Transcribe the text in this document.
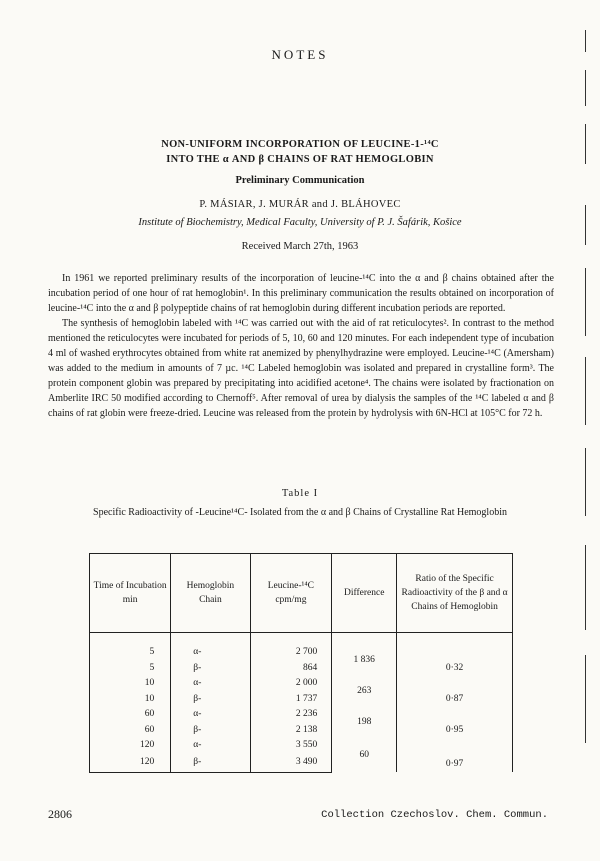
NOTES
NON-UNIFORM INCORPORATION OF LEUCINE-1-¹⁴C
INTO THE α AND β CHAINS OF RAT HEMOGLOBIN
Preliminary Communication
P. MÁSIAR, J. MURÁR and J. BLÁHOVEC
Institute of Biochemistry, Medical Faculty, University of P. J. Šafárik, Košice
Received March 27th, 1963

In 1961 we reported preliminary results of the incorporation of leucine-¹⁴C into the α and β chains obtained after the incubation period of one hour of rat hemoglobin¹. In this preliminary communication the results obtained on incorporation of leucine-¹⁴C into the α and β polypeptide chains of rat hemoglobin during different incubation periods are reported.

The synthesis of hemoglobin labeled with ¹⁴C was carried out with the aid of rat reticulocytes². In contrast to the method mentioned the reticulocytes were incubated for periods of 5, 10, 60 and 120 minutes. For each independent type of incubation 4 ml of washed erythrocytes obtained from white rat anemized by phenylhydrazine were employed. Leucine-¹⁴C (Amersham) was added to the medium in amounts of 7 µc. ¹⁴C Labeled hemoglobin was isolated and prepared in crystalline form³. The protein component globin was prepared by precipitating into acidified acetone⁴. The chains were isolated by fractionation on Amberlite IRC 50 modified according to Chernoff⁵. After removal of urea by dialysis the samples of the ¹⁴C labeled α and β chains of rat globin were freeze-dried. Leucine was released from the protein by hydrolysis with 6N-HCl at 105°C for 72 h.

Table I
Specific Radioactivity of -Leucine¹⁴C- Isolated from the α and β Chains of Crystalline Rat Hemoglobin
Time of Incubation min	Hemoglobin Chain	Leucine-¹⁴C cpm/mg	Difference	Ratio of the Specific Radioactivity of the β and α Chains of Hemoglobin

5	α-	2 700	1 836	0·32
5	β-	864		
10	α-	2 000	263	0·87
10	β-	1 737		
60	α-	2 236	198	0·95
60	β-	2 138		
120	α-	3 550	60	0·97
120	β-	3 490		
2806	Collection Czechoslov. Chem. Commun.
